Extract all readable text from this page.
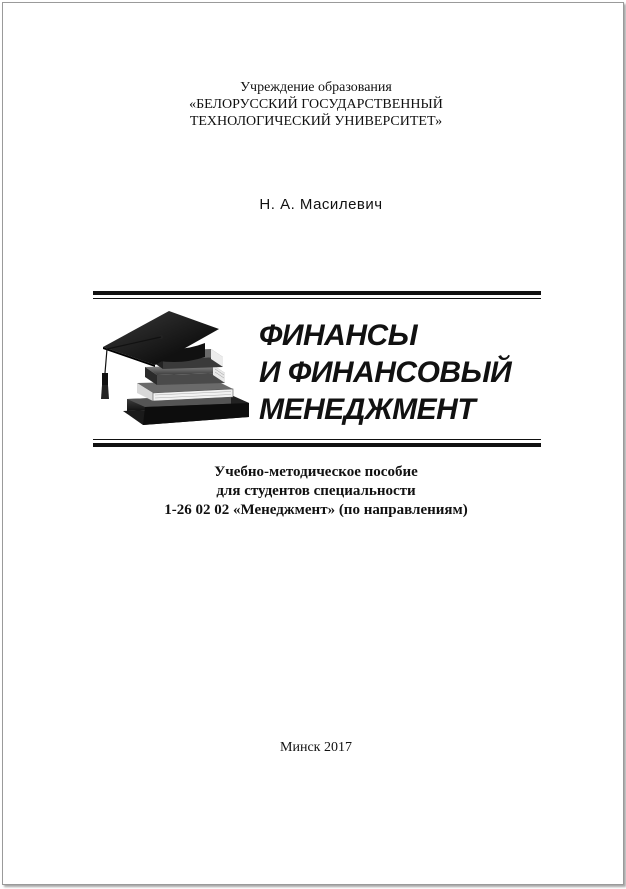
Учреждение образования
«БЕЛОРУССКИЙ ГОСУДАРСТВЕННЫЙ
ТЕХНОЛОГИЧЕСКИЙ УНИВЕРСИТЕТ»
Н. А. Масилевич
ФИНАНСЫ
И ФИНАНСОВЫЙ
МЕНЕДЖМЕНТ
Учебно-методическое пособие
для студентов специальности
1-26 02 02 «Менеджмент» (по направлениям)
Минск 2017
